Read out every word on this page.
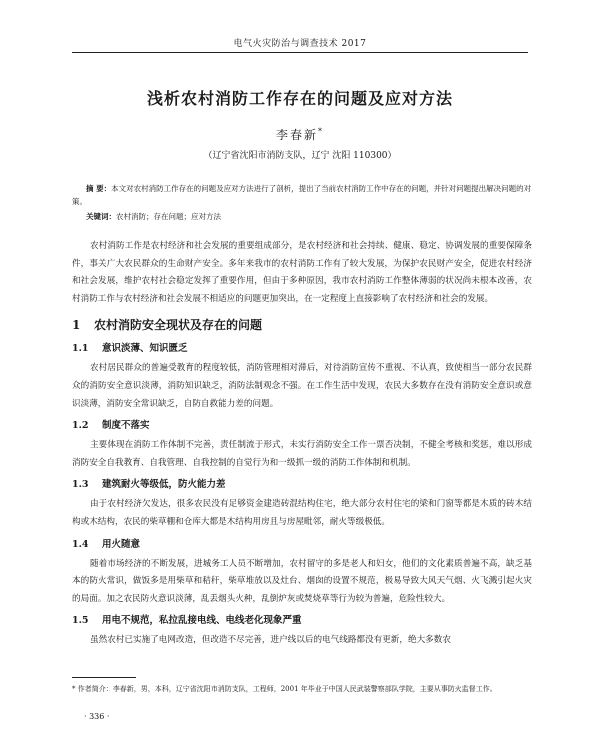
电气火灾防治与调查技术 2017
浅析农村消防工作存在的问题及应对方法
李春新*
（辽宁省沈阳市消防支队，辽宁 沈阳 110300）
摘 要：本文对农村消防工作存在的问题及应对方法进行了剖析，提出了当前农村消防工作中存在的问题，并针对问题提出解决问题的对策。
关键词：农村消防；存在问题；应对方法

农村消防工作是农村经济和社会发展的重要组成部分，是农村经济和社会持续、健康、稳定、协调发展的重要保障条件，事关广大农民群众的生命财产安全。多年来我市的农村消防工作有了较大发展，为保护农民财产安全，促进农村经济和社会发展，维护农村社会稳定发挥了重要作用，但由于多种原因，我市农村消防工作整体薄弱的状况尚未根本改善，农村消防工作与农村经济和社会发展不相适应的问题更加突出，在一定程度上直接影响了农村经济和社会的发展。

1 农村消防安全现状及存在的问题
1.1 意识淡薄、知识匮乏

农村居民群众的普遍受教育的程度较低，消防管理相对滞后，对待消防宣传不重视、不认真，致使相当一部分农民群众的消防安全意识淡薄，消防知识缺乏，消防法制观念不强。在工作生活中发现，农民大多数存在没有消防安全意识或意识淡薄，消防安全常识缺乏，自防自救能力差的问题。

1.2 制度不落实

主要体现在消防工作体制不完善，责任制流于形式，未实行消防安全工作一票否决制，不健全考核和奖惩，难以形成消防安全自我教育、自我管理、自我控制的自觉行为和一级抓一级的消防工作体制和机制。

1.3 建筑耐火等级低，防火能力差

由于农村经济欠发达，很多农民没有足够资金建造砖混结构住宅，绝大部分农村住宅的梁和门窗等都是木质的砖木结构或木结构，农民的柴草棚和仓库大都是木结构用房且与房屋毗邻，耐火等级极低。

1.4 用火随意

随着市场经济的不断发展，进城务工人员不断增加，农村留守的多是老人和妇女，他们的文化素质普遍不高，缺乏基本的防火常识，做饭多是用柴草和秸秆，柴草堆放以及灶台、烟囱的设置不规范，极易导致大风天气烟、火飞溅引起火灾的局面。加之农民防火意识淡薄，乱丢烟头火种，乱倒炉灰或焚烧草等行为较为普遍，危险性较大。

1.5 用电不规范，私拉乱接电线、电线老化现象严重

虽然农村已实施了电网改造，但改造不尽完善，进户线以后的电气线路都没有更新，绝大多数农

* 作者简介：李春新，男，本科，辽宁省沈阳市消防支队，工程师，2001 年毕业于中国人民武装警察部队学院，主要从事防火监督工作。
· 336 ·
